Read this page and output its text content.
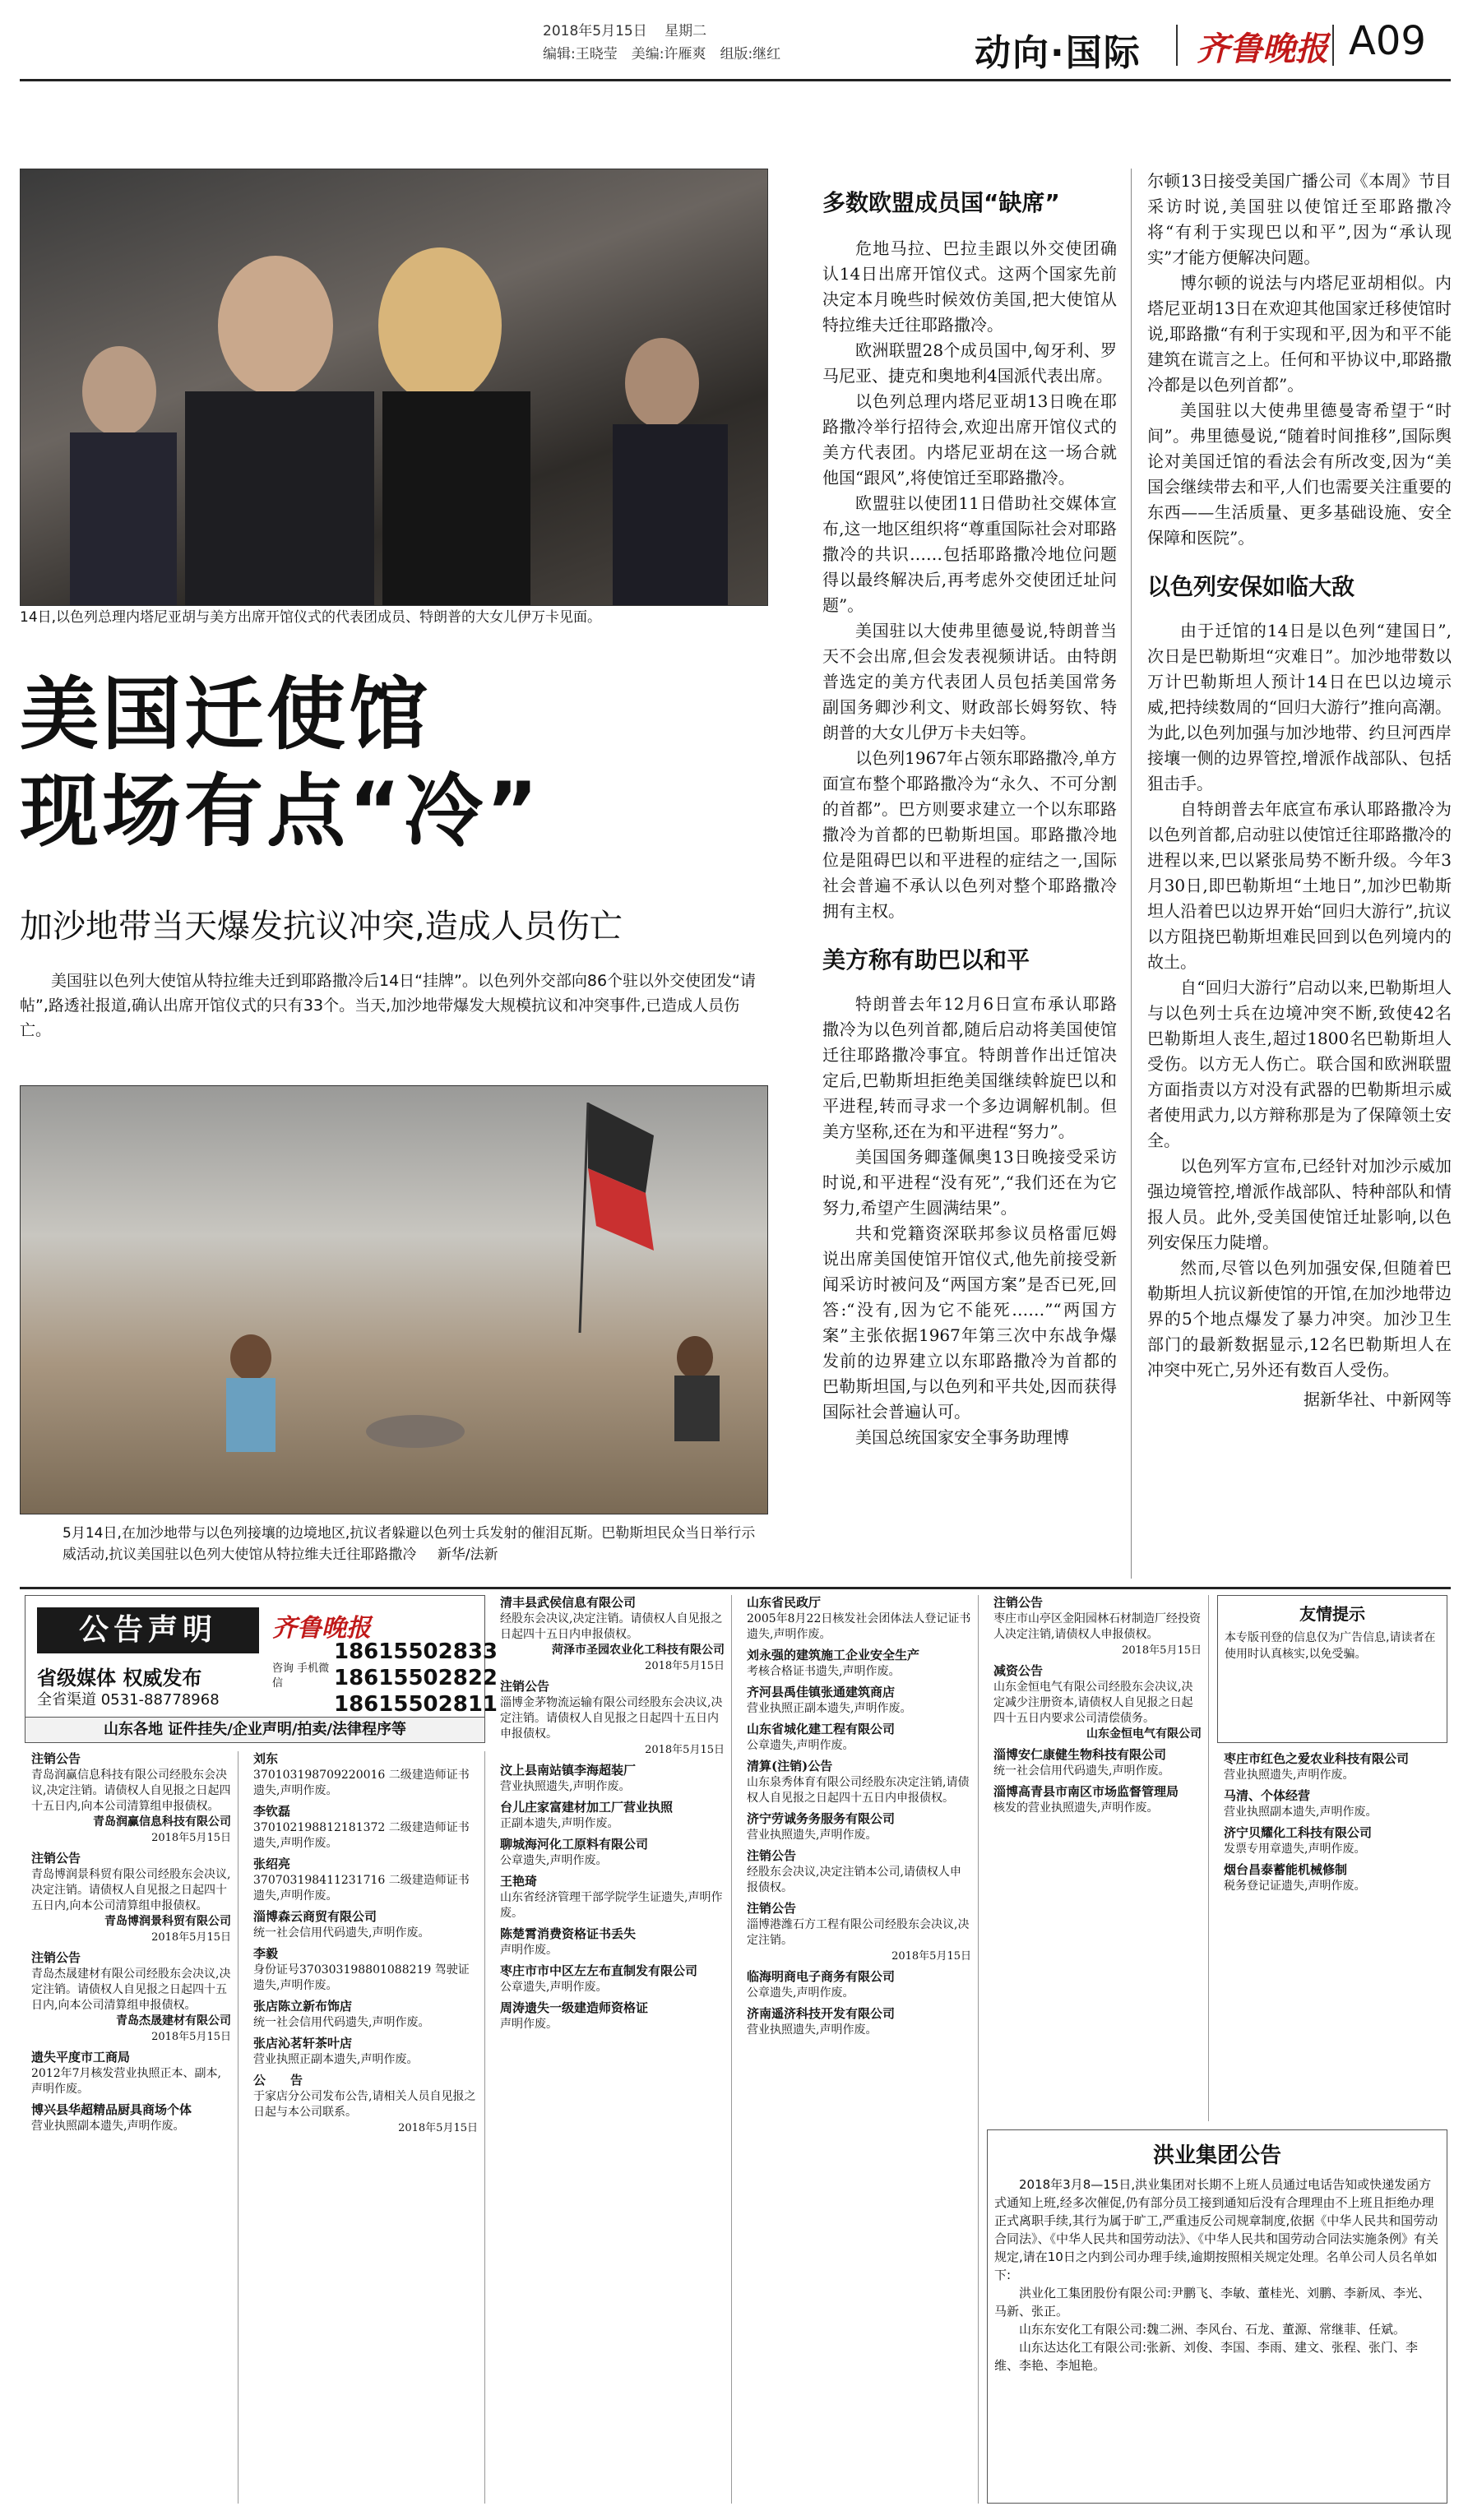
2018年5月15日 星期二
编辑:王晓莹　美编:许雁爽　组版:继红	动向·国际 齐鲁晚报 A09
14日,以色列总理内塔尼亚胡与美方出席开馆仪式的代表团成员、特朗普的大女儿伊万卡见面。
美国迁使馆
现场有点“冷”
加沙地带当天爆发抗议冲突,造成人员伤亡
美国驻以色列大使馆从特拉维夫迁到耶路撒冷后14日“挂牌”。以色列外交部向86个驻以外交使团发“请帖”,路透社报道,确认出席开馆仪式的只有33个。当天,加沙地带爆发大规模抗议和冲突事件,已造成人员伤亡。
5月14日,在加沙地带与以色列接壤的边境地区,抗议者躲避以色列士兵发射的催泪瓦斯。巴勒斯坦民众当日举行示威活动,抗议美国驻以色列大使馆从特拉维夫迁往耶路撒冷 新华/法新
多数欧盟成员国“缺席”

危地马拉、巴拉圭跟以外交使团确认14日出席开馆仪式。这两个国家先前决定本月晚些时候效仿美国,把大使馆从特拉维夫迁往耶路撒冷。

欧洲联盟28个成员国中,匈牙利、罗马尼亚、捷克和奥地利4国派代表出席。

以色列总理内塔尼亚胡13日晚在耶路撒冷举行招待会,欢迎出席开馆仪式的美方代表团。内塔尼亚胡在这一场合就他国“跟风”,将使馆迁至耶路撒冷。

欧盟驻以使团11日借助社交媒体宣布,这一地区组织将“尊重国际社会对耶路撒冷的共识……包括耶路撒冷地位问题得以最终解决后,再考虑外交使团迁址问题”。

美国驻以大使弗里德曼说,特朗普当天不会出席,但会发表视频讲话。由特朗普选定的美方代表团人员包括美国常务副国务卿沙利文、财政部长姆努钦、特朗普的大女儿伊万卡夫妇等。

以色列1967年占领东耶路撒冷,单方面宣布整个耶路撒冷为“永久、不可分割的首都”。巴方则要求建立一个以东耶路撒冷为首都的巴勒斯坦国。耶路撒冷地位是阻碍巴以和平进程的症结之一,国际社会普遍不承认以色列对整个耶路撒冷拥有主权。

美方称有助巴以和平

特朗普去年12月6日宣布承认耶路撒冷为以色列首都,随后启动将美国使馆迁往耶路撒冷事宜。特朗普作出迁馆决定后,巴勒斯坦拒绝美国继续斡旋巴以和平进程,转而寻求一个多边调解机制。但美方坚称,还在为和平进程“努力”。

美国国务卿蓬佩奥13日晚接受采访时说,和平进程“没有死”,“我们还在为它努力,希望产生圆满结果”。

共和党籍资深联邦参议员格雷厄姆说出席美国使馆开馆仪式,他先前接受新闻采访时被问及“两国方案”是否已死,回答:“没有,因为它不能死……”“两国方案”主张依据1967年第三次中东战争爆发前的边界建立以东耶路撒冷为首都的巴勒斯坦国,与以色列和平共处,因而获得国际社会普遍认可。

美国总统国家安全事务助理博

尔顿13日接受美国广播公司《本周》节目采访时说,美国驻以使馆迁至耶路撒冷将“有利于实现巴以和平”,因为“承认现实”才能方便解决问题。

博尔顿的说法与内塔尼亚胡相似。内塔尼亚胡13日在欢迎其他国家迁移使馆时说,耶路撒“有利于实现和平,因为和平不能建筑在谎言之上。任何和平协议中,耶路撒冷都是以色列首都”。

美国驻以大使弗里德曼寄希望于“时间”。弗里德曼说,“随着时间推移”,国际舆论对美国迁馆的看法会有所改变,因为“美国会继续带去和平,人们也需要关注重要的东西——生活质量、更多基础设施、安全保障和医院”。

以色列安保如临大敌

由于迁馆的14日是以色列“建国日”,次日是巴勒斯坦“灾难日”。加沙地带数以万计巴勒斯坦人预计14日在巴以边境示威,把持续数周的“回归大游行”推向高潮。为此,以色列加强与加沙地带、约旦河西岸接壤一侧的边界管控,增派作战部队、包括狙击手。

自特朗普去年底宣布承认耶路撒冷为以色列首都,启动驻以使馆迁往耶路撒冷的进程以来,巴以紧张局势不断升级。今年3月30日,即巴勒斯坦“土地日”,加沙巴勒斯坦人沿着巴以边界开始“回归大游行”,抗议以方阻挠巴勒斯坦难民回到以色列境内的故土。

自“回归大游行”启动以来,巴勒斯坦人与以色列士兵在边境冲突不断,致使42名巴勒斯坦人丧生,超过1800名巴勒斯坦人受伤。以方无人伤亡。联合国和欧洲联盟方面指责以方对没有武器的巴勒斯坦示威者使用武力,以方辩称那是为了保障领土安全。

以色列军方宣布,已经针对加沙示威加强边境管控,增派作战部队、特种部队和情报人员。此外,受美国使馆迁址影响,以色列安保压力陡增。

然而,尽管以色列加强安保,但随着巴勒斯坦人抗议新使馆的开馆,在加沙地带边界的5个地点爆发了暴力冲突。加沙卫生部门的最新数据显示,12名巴勒斯坦人在冲突中死亡,另外还有数百人受伤。

据新华社、中新网等
公告声明	齐鲁晚报
省级媒体 权威发布
全省渠道 0531-88778968
咨询 手机微信
18615502833
18615502822
18615502811
山东各地 证件挂失/企业声明/拍卖/法律程序等
注销公告
青岛润赢信息科技有限公司经股东会决议,决定注销。请债权人自见报之日起四十五日内,向本公司清算组申报债权。
青岛润赢信息科技有限公司
2018年5月15日
注销公告
青岛博润景科贸有限公司经股东会决议,决定注销。请债权人自见报之日起四十五日内,向本公司清算组申报债权。
青岛博润景科贸有限公司
2018年5月15日
注销公告
青岛杰晟建材有限公司经股东会决议,决定注销。请债权人自见报之日起四十五日内,向本公司清算组申报债权。
青岛杰晟建材有限公司
2018年5月15日
遗失平度市工商局
2012年7月核发营业执照正本、副本,声明作废。
博兴县华超精品厨具商场个体
营业执照副本遗失,声明作废。
刘东
370103198709220016 二级建造师证书遗失,声明作废。
李钦磊
370102198812181372 二级建造师证书遗失,声明作废。
张绍亮
370703198411231716 二级建造师证书遗失,声明作废。
淄博森云商贸有限公司
统一社会信用代码遗失,声明作废。
李毅
身份证号370303198801088219 驾驶证遗失,声明作废。
张店陈立新布饰店
统一社会信用代码遗失,声明作废。
张店沁茗轩茶叶店
营业执照正副本遗失,声明作废。
公　　告
于家店分公司发布公告,请相关人员自见报之日起与本公司联系。
2018年5月15日
清丰县武侯信息有限公司
经股东会决议,决定注销。请债权人自见报之日起四十五日内申报债权。
菏泽市圣园农业化工科技有限公司
2018年5月15日
注销公告
淄博金茅物流运输有限公司经股东会决议,决定注销。请债权人自见报之日起四十五日内申报债权。
2018年5月15日
汶上县南站镇李海超装厂
营业执照遗失,声明作废。
台儿庄家富建材加工厂营业执照
正副本遗失,声明作废。
聊城海河化工原料有限公司
公章遗失,声明作废。
王艳琦
山东省经济管理干部学院学生证遗失,声明作废。
陈楚霄消费资格证书丢失
声明作废。
枣庄市市中区左左布直制发有限公司
公章遗失,声明作废。
周涛遗失一级建造师资格证
声明作废。
山东省民政厅
2005年8月22日核发社会团体法人登记证书遗失,声明作废。
刘永强的建筑施工企业安全生产
考核合格证书遗失,声明作废。
齐河县禹佳镇张通建筑商店
营业执照正副本遗失,声明作废。
山东省城化建工程有限公司
公章遗失,声明作废。
清算(注销)公告
山东泉秀体育有限公司经股东决定注销,请债权人自见报之日起四十五日内申报债权。
济宁劳诚务务服务有限公司
营业执照遗失,声明作废。
注销公告
经股东会决议,决定注销本公司,请债权人申报债权。
注销公告
淄博港潍石方工程有限公司经股东会决议,决定注销。
2018年5月15日
临海明商电子商务有限公司
公章遗失,声明作废。
济南遥济科技开发有限公司
营业执照遗失,声明作废。
注销公告
枣庄市山亭区金阳园林石材制造厂经投资人决定注销,请债权人申报债权。
2018年5月15日
减资公告
山东金恒电气有限公司经股东会决议,决定减少注册资本,请债权人自见报之日起四十五日内要求公司清偿债务。
山东金恒电气有限公司
淄博安仁康健生物科技有限公司
统一社会信用代码遗失,声明作废。
淄博高青县市南区市场监督管理局
核发的营业执照遗失,声明作废。
友情提示
本专版刊登的信息仅为广告信息,请读者在使用时认真核实,以免受骗。
枣庄市红色之爱农业科技有限公司
营业执照遗失,声明作废。
马清、个体经营
营业执照副本遗失,声明作废。
济宁贝耀化工科技有限公司
发票专用章遗失,声明作废。
烟台昌泰蓄能机械修制
税务登记证遗失,声明作废。
洪业集团公告

2018年3月8—15日,洪业集团对长期不上班人员通过电话告知或快递发函方式通知上班,经多次催促,仍有部分员工接到通知后没有合理理由不上班且拒绝办理正式离职手续,其行为属于旷工,严重违反公司规章制度,依据《中华人民共和国劳动合同法》、《中华人民共和国劳动法》、《中华人民共和国劳动合同法实施条例》有关规定,请在10日之内到公司办理手续,逾期按照相关规定处理。名单公司人员名单如下:

洪业化工集团股份有限公司:尹鹏飞、李敏、董桂光、刘鹏、李新凤、李光、马新、张正。

山东东安化工有限公司:魏二洲、李风台、石龙、董源、常继菲、任斌。

山东达达化工有限公司:张新、刘俊、李国、李雨、建文、张程、张门、李维、李艳、李旭艳。
